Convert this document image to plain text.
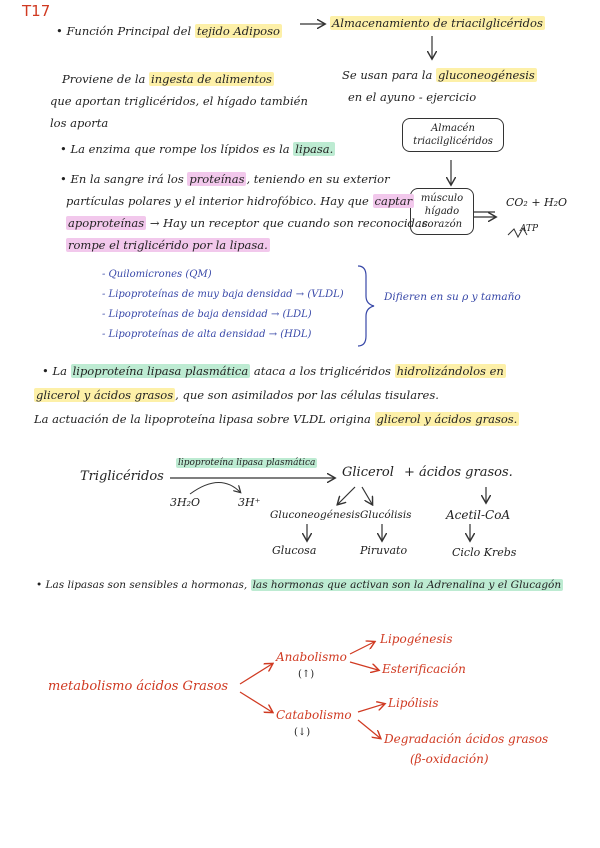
T17
• Función Principal del tejido Adiposo
Almacenamiento de triacilglicéridos
Proviene de la ingesta de alimentos
que aportan triglicéridos, el hígado también
los aporta
Se usan para la gluconeogénesis
en el ayuno - ejercicio
Almacén
triacilglicéridos
músculo
hígado
corazón
CO₂ + H₂O
ATP
• La enzima que rompe los lípidos es la lipasa.
• En la sangre irá los proteínas , teniendo en su exterior
partículas polares y el interior hidrofóbico. Hay que captar
apoproteínas → Hay un receptor que cuando son reconocidas
rompe el triglicérido por la lipasa.
- Quilomicrones (QM)
- Lipoproteínas de muy baja densidad → (VLDL)
- Lipoproteínas de baja densidad → (LDL)
- Lipoproteínas de alta densidad → (HDL)
Difieren en su ρ y tamaño
• La lipoproteína lipasa plasmática ataca a los triglicéridos hidrolizándolos en
glicerol y ácidos grasos , que son asimilados por las células tisulares.
La actuación de la lipoproteína lipasa sobre VLDL origina glicerol y ácidos grasos.
Triglicéridos
lipoproteína lipasa plasmática
Glicerol + ácidos grasos.
3H₂O	3H⁺
Gluconeogénesis Glucólisis	Acetil-CoA
Glucosa	Piruvato	Ciclo Krebs
• Las lipasas son sensibles a hormonas, las hormonas que activan son la Adrenalina y el Glucagón
metabolismo ácidos Grasos
Anabolismo
(↑)
Catabolismo
(↓)
Lipogénesis
Esterificación
Lipólisis
Degradación ácidos grasos
(β-oxidación)
